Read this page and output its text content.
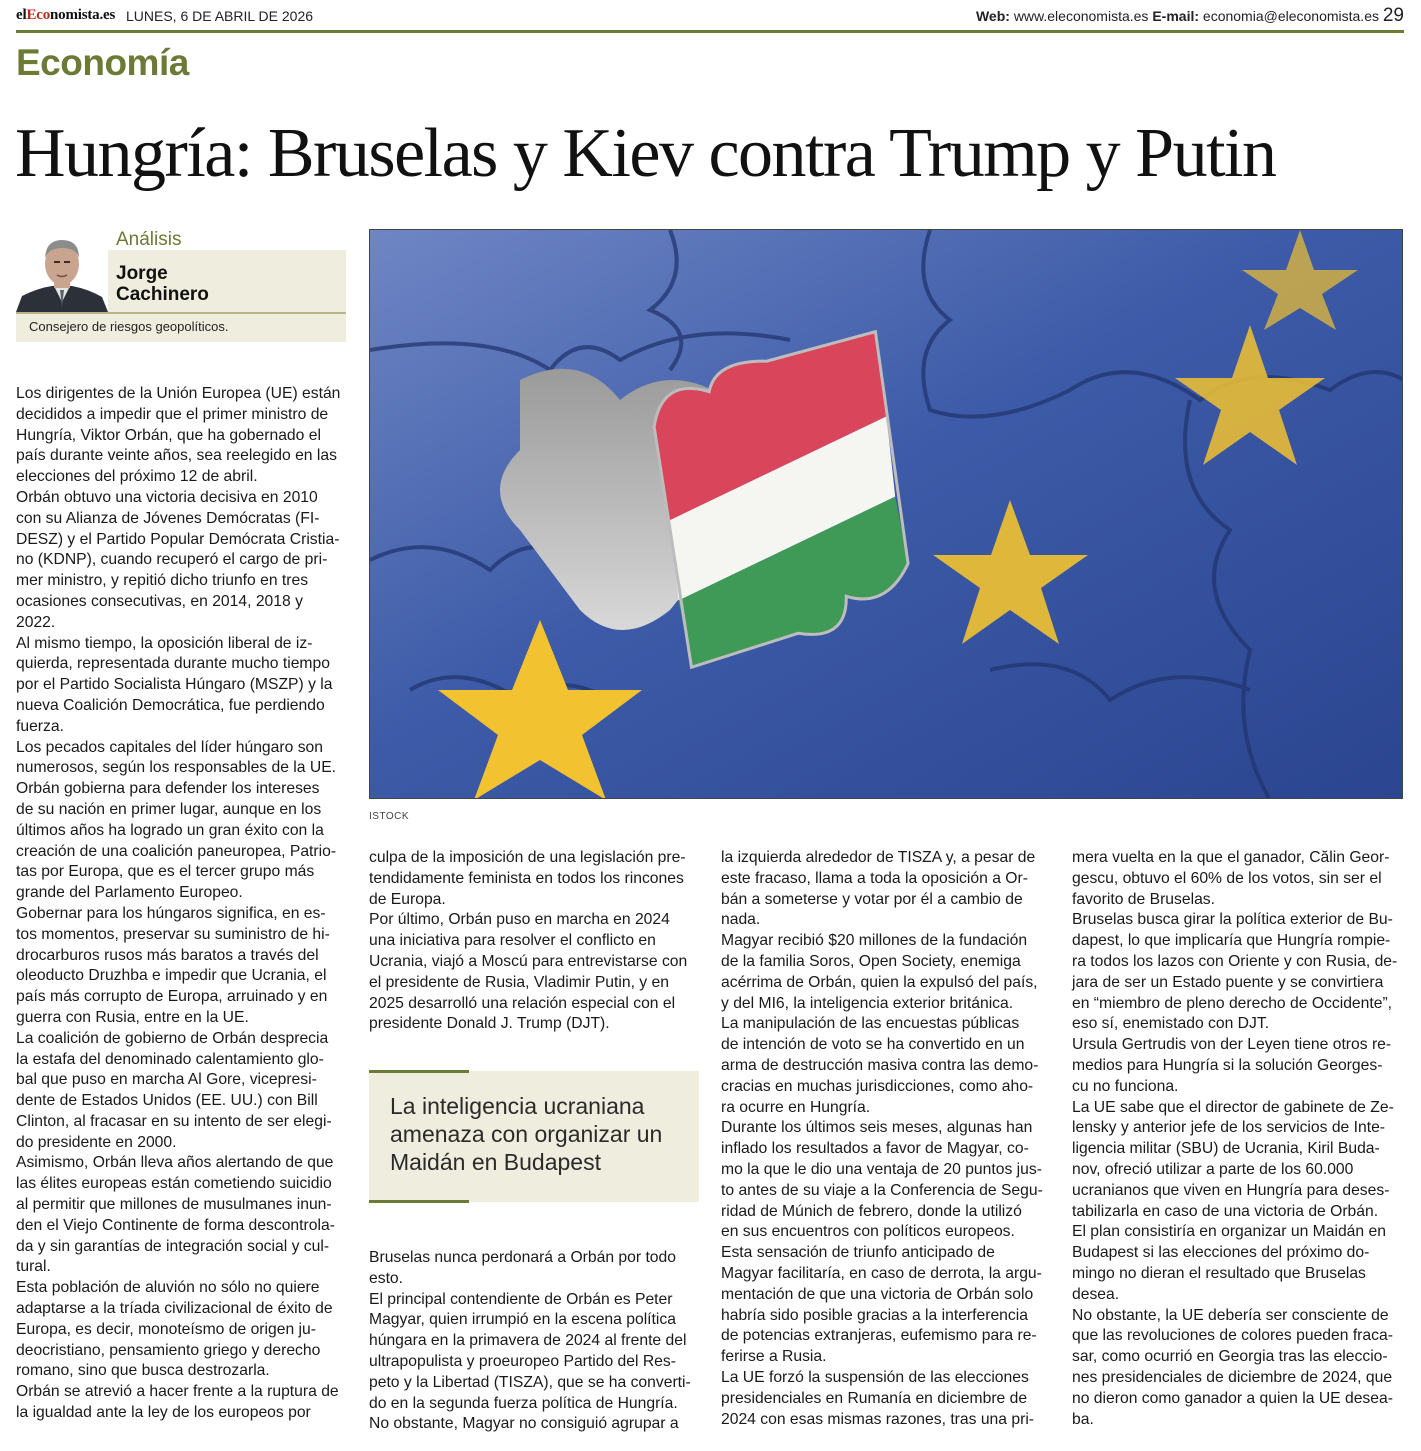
elEconomista.es LUNES, 6 DE ABRIL DE 2026	Web: www.eleconomista.es E-mail: economia@eleconomista.es 29
Economía
Hungría: Bruselas y Kiev contra Trump y Putin
Análisis
Jorge
Cachinero
Consejero de riesgos geopolíticos.
ISTOCK

Los dirigentes de la Unión Europea (UE) están

decididos a impedir que el primer ministro de

Hungría, Viktor Orbán, que ha gobernado el

país durante veinte años, sea reelegido en las

elecciones del próximo 12 de abril.

Orbán obtuvo una victoria decisiva en 2010

con su Alianza de Jóvenes Demócratas (FI-

DESZ) y el Partido Popular Demócrata Cristia-

no (KDNP), cuando recuperó el cargo de pri-

mer ministro, y repitió dicho triunfo en tres

ocasiones consecutivas, en 2014, 2018 y

2022.

Al mismo tiempo, la oposición liberal de iz-

quierda, representada durante mucho tiempo

por el Partido Socialista Húngaro (MSZP) y la

nueva Coalición Democrática, fue perdiendo

fuerza.

Los pecados capitales del líder húngaro son

numerosos, según los responsables de la UE.

Orbán gobierna para defender los intereses

de su nación en primer lugar, aunque en los

últimos años ha logrado un gran éxito con la

creación de una coalición paneuropea, Patrio-

tas por Europa, que es el tercer grupo más

grande del Parlamento Europeo.

Gobernar para los húngaros significa, en es-

tos momentos, preservar su suministro de hi-

drocarburos rusos más baratos a través del

oleoducto Druzhba e impedir que Ucrania, el

país más corrupto de Europa, arruinado y en

guerra con Rusia, entre en la UE.

La coalición de gobierno de Orbán desprecia

la estafa del denominado calentamiento glo-

bal que puso en marcha Al Gore, vicepresi-

dente de Estados Unidos (EE. UU.) con Bill

Clinton, al fracasar en su intento de ser elegi-

do presidente en 2000.

Asimismo, Orbán lleva años alertando de que

las élites europeas están cometiendo suicidio

al permitir que millones de musulmanes inun-

den el Viejo Continente de forma descontrola-

da y sin garantías de integración social y cul-

tural.

Esta población de aluvión no sólo no quiere

adaptarse a la tríada civilizacional de éxito de

Europa, es decir, monoteísmo de origen ju-

deocristiano, pensamiento griego y derecho

romano, sino que busca destrozarla.

Orbán se atrevió a hacer frente a la ruptura de

la igualdad ante la ley de los europeos por

culpa de la imposición de una legislación pre-

tendidamente feminista en todos los rincones

de Europa.

Por último, Orbán puso en marcha en 2024

una iniciativa para resolver el conflicto en

Ucrania, viajó a Moscú para entrevistarse con

el presidente de Rusia, Vladimir Putin, y en

2025 desarrolló una relación especial con el

presidente Donald J. Trump (DJT).

Bruselas nunca perdonará a Orbán por todo

esto.

El principal contendiente de Orbán es Peter

Magyar, quien irrumpió en la escena política

húngara en la primavera de 2024 al frente del

ultrapopulista y proeuropeo Partido del Res-

peto y la Libertad (TISZA), que se ha converti-

do en la segunda fuerza política de Hungría.

No obstante, Magyar no consiguió agrupar a

la izquierda alrededor de TISZA y, a pesar de

este fracaso, llama a toda la oposición a Or-

bán a someterse y votar por él a cambio de

nada.

Magyar recibió $20 millones de la fundación

de la familia Soros, Open Society, enemiga

acérrima de Orbán, quien la expulsó del país,

y del MI6, la inteligencia exterior británica.

La manipulación de las encuestas públicas

de intención de voto se ha convertido en un

arma de destrucción masiva contra las demo-

cracias en muchas jurisdicciones, como aho-

ra ocurre en Hungría.

Durante los últimos seis meses, algunas han

inflado los resultados a favor de Magyar, co-

mo la que le dio una ventaja de 20 puntos jus-

to antes de su viaje a la Conferencia de Segu-

ridad de Múnich de febrero, donde la utilizó

en sus encuentros con políticos europeos.

Esta sensación de triunfo anticipado de

Magyar facilitaría, en caso de derrota, la argu-

mentación de que una victoria de Orbán solo

habría sido posible gracias a la interferencia

de potencias extranjeras, eufemismo para re-

ferirse a Rusia.

La UE forzó la suspensión de las elecciones

presidenciales en Rumanía en diciembre de

2024 con esas mismas razones, tras una pri-

mera vuelta en la que el ganador, Călin Geor-

gescu, obtuvo el 60% de los votos, sin ser el

favorito de Bruselas.

Bruselas busca girar la política exterior de Bu-

dapest, lo que implicaría que Hungría rompie-

ra todos los lazos con Oriente y con Rusia, de-

jara de ser un Estado puente y se convirtiera

en “miembro de pleno derecho de Occidente”,

eso sí, enemistado con DJT.

Ursula Gertrudis von der Leyen tiene otros re-

medios para Hungría si la solución Georges-

cu no funciona.

La UE sabe que el director de gabinete de Ze-

lensky y anterior jefe de los servicios de Inte-

ligencia militar (SBU) de Ucrania, Kiril Buda-

nov, ofreció utilizar a parte de los 60.000

ucranianos que viven en Hungría para deses-

tabilizarla en caso de una victoria de Orbán.

El plan consistiría en organizar un Maidán en

Budapest si las elecciones del próximo do-

mingo no dieran el resultado que Bruselas

desea.

No obstante, la UE debería ser consciente de

que las revoluciones de colores pueden fraca-

sar, como ocurrió en Georgia tras las eleccio-

nes presidenciales de diciembre de 2024, que

no dieron como ganador a quien la UE desea-

ba.

La inteligencia ucraniana
amenaza con organizar un
Maidán en Budapest
